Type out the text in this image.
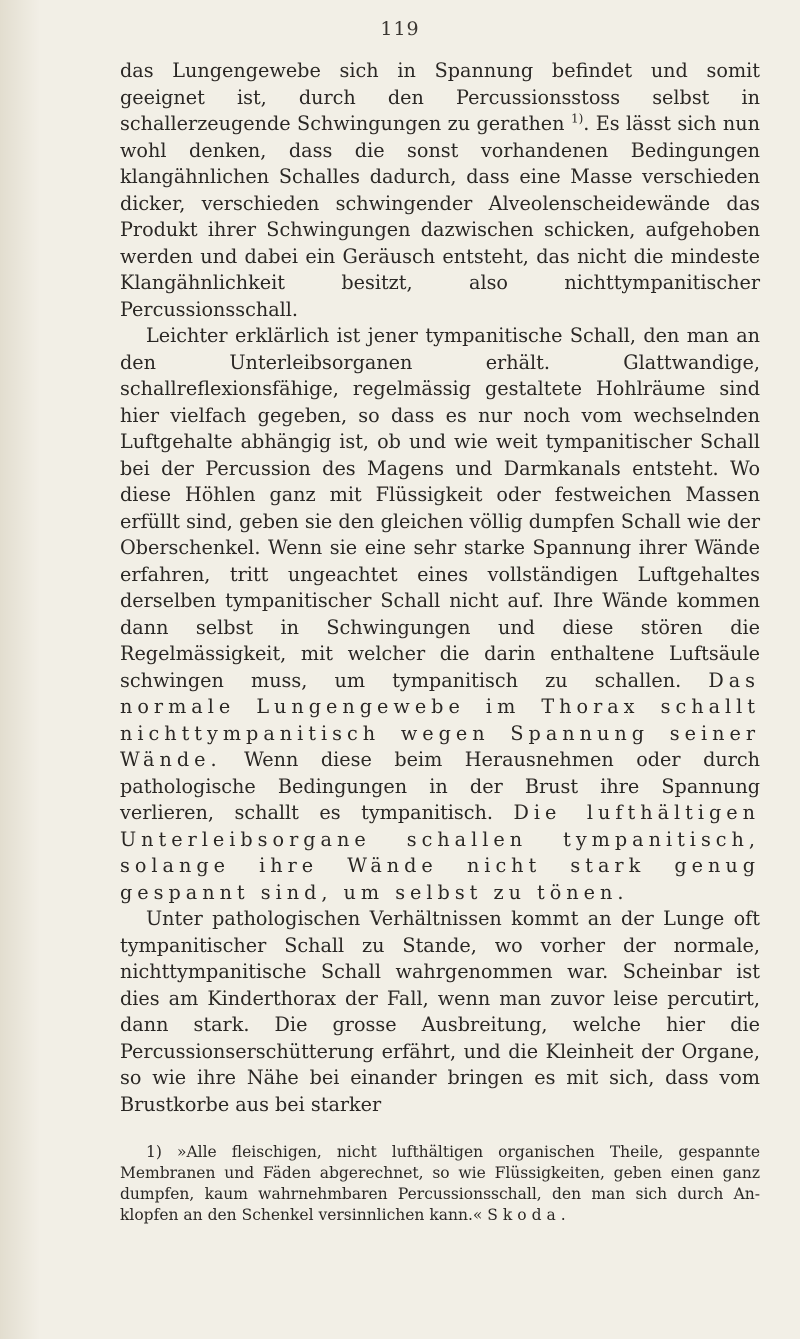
119

das Lungengewebe sich in Spannung befindet und somit geeignet ist, durch den Percussionsstoss selbst in schallerzeugende Schwingungen zu gerathen $^{1)}$. Es lässt sich nun wohl denken, dass die sonst vorhandenen Bedingungen klangähnlichen Schalles dadurch, dass eine Masse verschieden dicker, verschieden schwingender Alveolenscheidewände das Produkt ihrer Schwingungen dazwischen schicken, aufgehoben werden und dabei ein Geräusch entsteht, das nicht die mindeste Klangähnlichkeit besitzt, also nichttympanitischer Percussionsschall.

Leichter erklärlich ist jener tympanitische Schall, den man an den Unterleibsorganen erhält. Glattwandige, schallreflexionsfähige, regelmässig gestaltete Hohlräume sind hier vielfach gegeben, so dass es nur noch vom wechselnden Luftgehalte abhängig ist, ob und wie weit tympanitischer Schall bei der Percussion des Magens und Darmkanals entsteht. Wo diese Höhlen ganz mit Flüssigkeit oder festweichen Massen erfüllt sind, geben sie den gleichen völlig dumpfen Schall wie der Oberschenkel. Wenn sie eine sehr starke Spannung ihrer Wände erfahren, tritt ungeachtet eines vollständigen Luftgehaltes derselben tympanitischer Schall nicht auf. Ihre Wände kommen dann selbst in Schwingungen und diese stören die Regelmässigkeit, mit welcher die darin enthaltene Luftsäule schwingen muss, um tympanitisch zu schallen. Das normale Lungengewebe im Thorax schallt nichttympanitisch wegen Spannung seiner Wände. Wenn diese beim Herausnehmen oder durch pathologische Bedingungen in der Brust ihre Spannung verlieren, schallt es tympanitisch. Die lufthältigen Unterleibsorgane schallen tympanitisch, solange ihre Wände nicht stark genug gespannt sind, um selbst zu tönen.

Unter pathologischen Verhältnissen kommt an der Lunge oft tympanitischer Schall zu Stande, wo vorher der normale, nichttympanitische Schall wahrgenommen war. Scheinbar ist dies am Kinderthorax der Fall, wenn man zuvor leise percutirt, dann stark. Die grosse Ausbreitung, welche hier die Percussionserschütterung erfährt, und die Kleinheit der Organe, so wie ihre Nähe bei einander bringen es mit sich, dass vom Brustkorbe aus bei starker

1) »Alle fleischigen, nicht lufthältigen organischen Theile, gespannte Membranen und Fäden abgerechnet, so wie Flüssigkeiten, geben einen ganz dumpfen, kaum wahrnehmbaren Percussionsschall, den man sich durch An-klopfen an den Schenkel versinnlichen kann.« Skoda.
